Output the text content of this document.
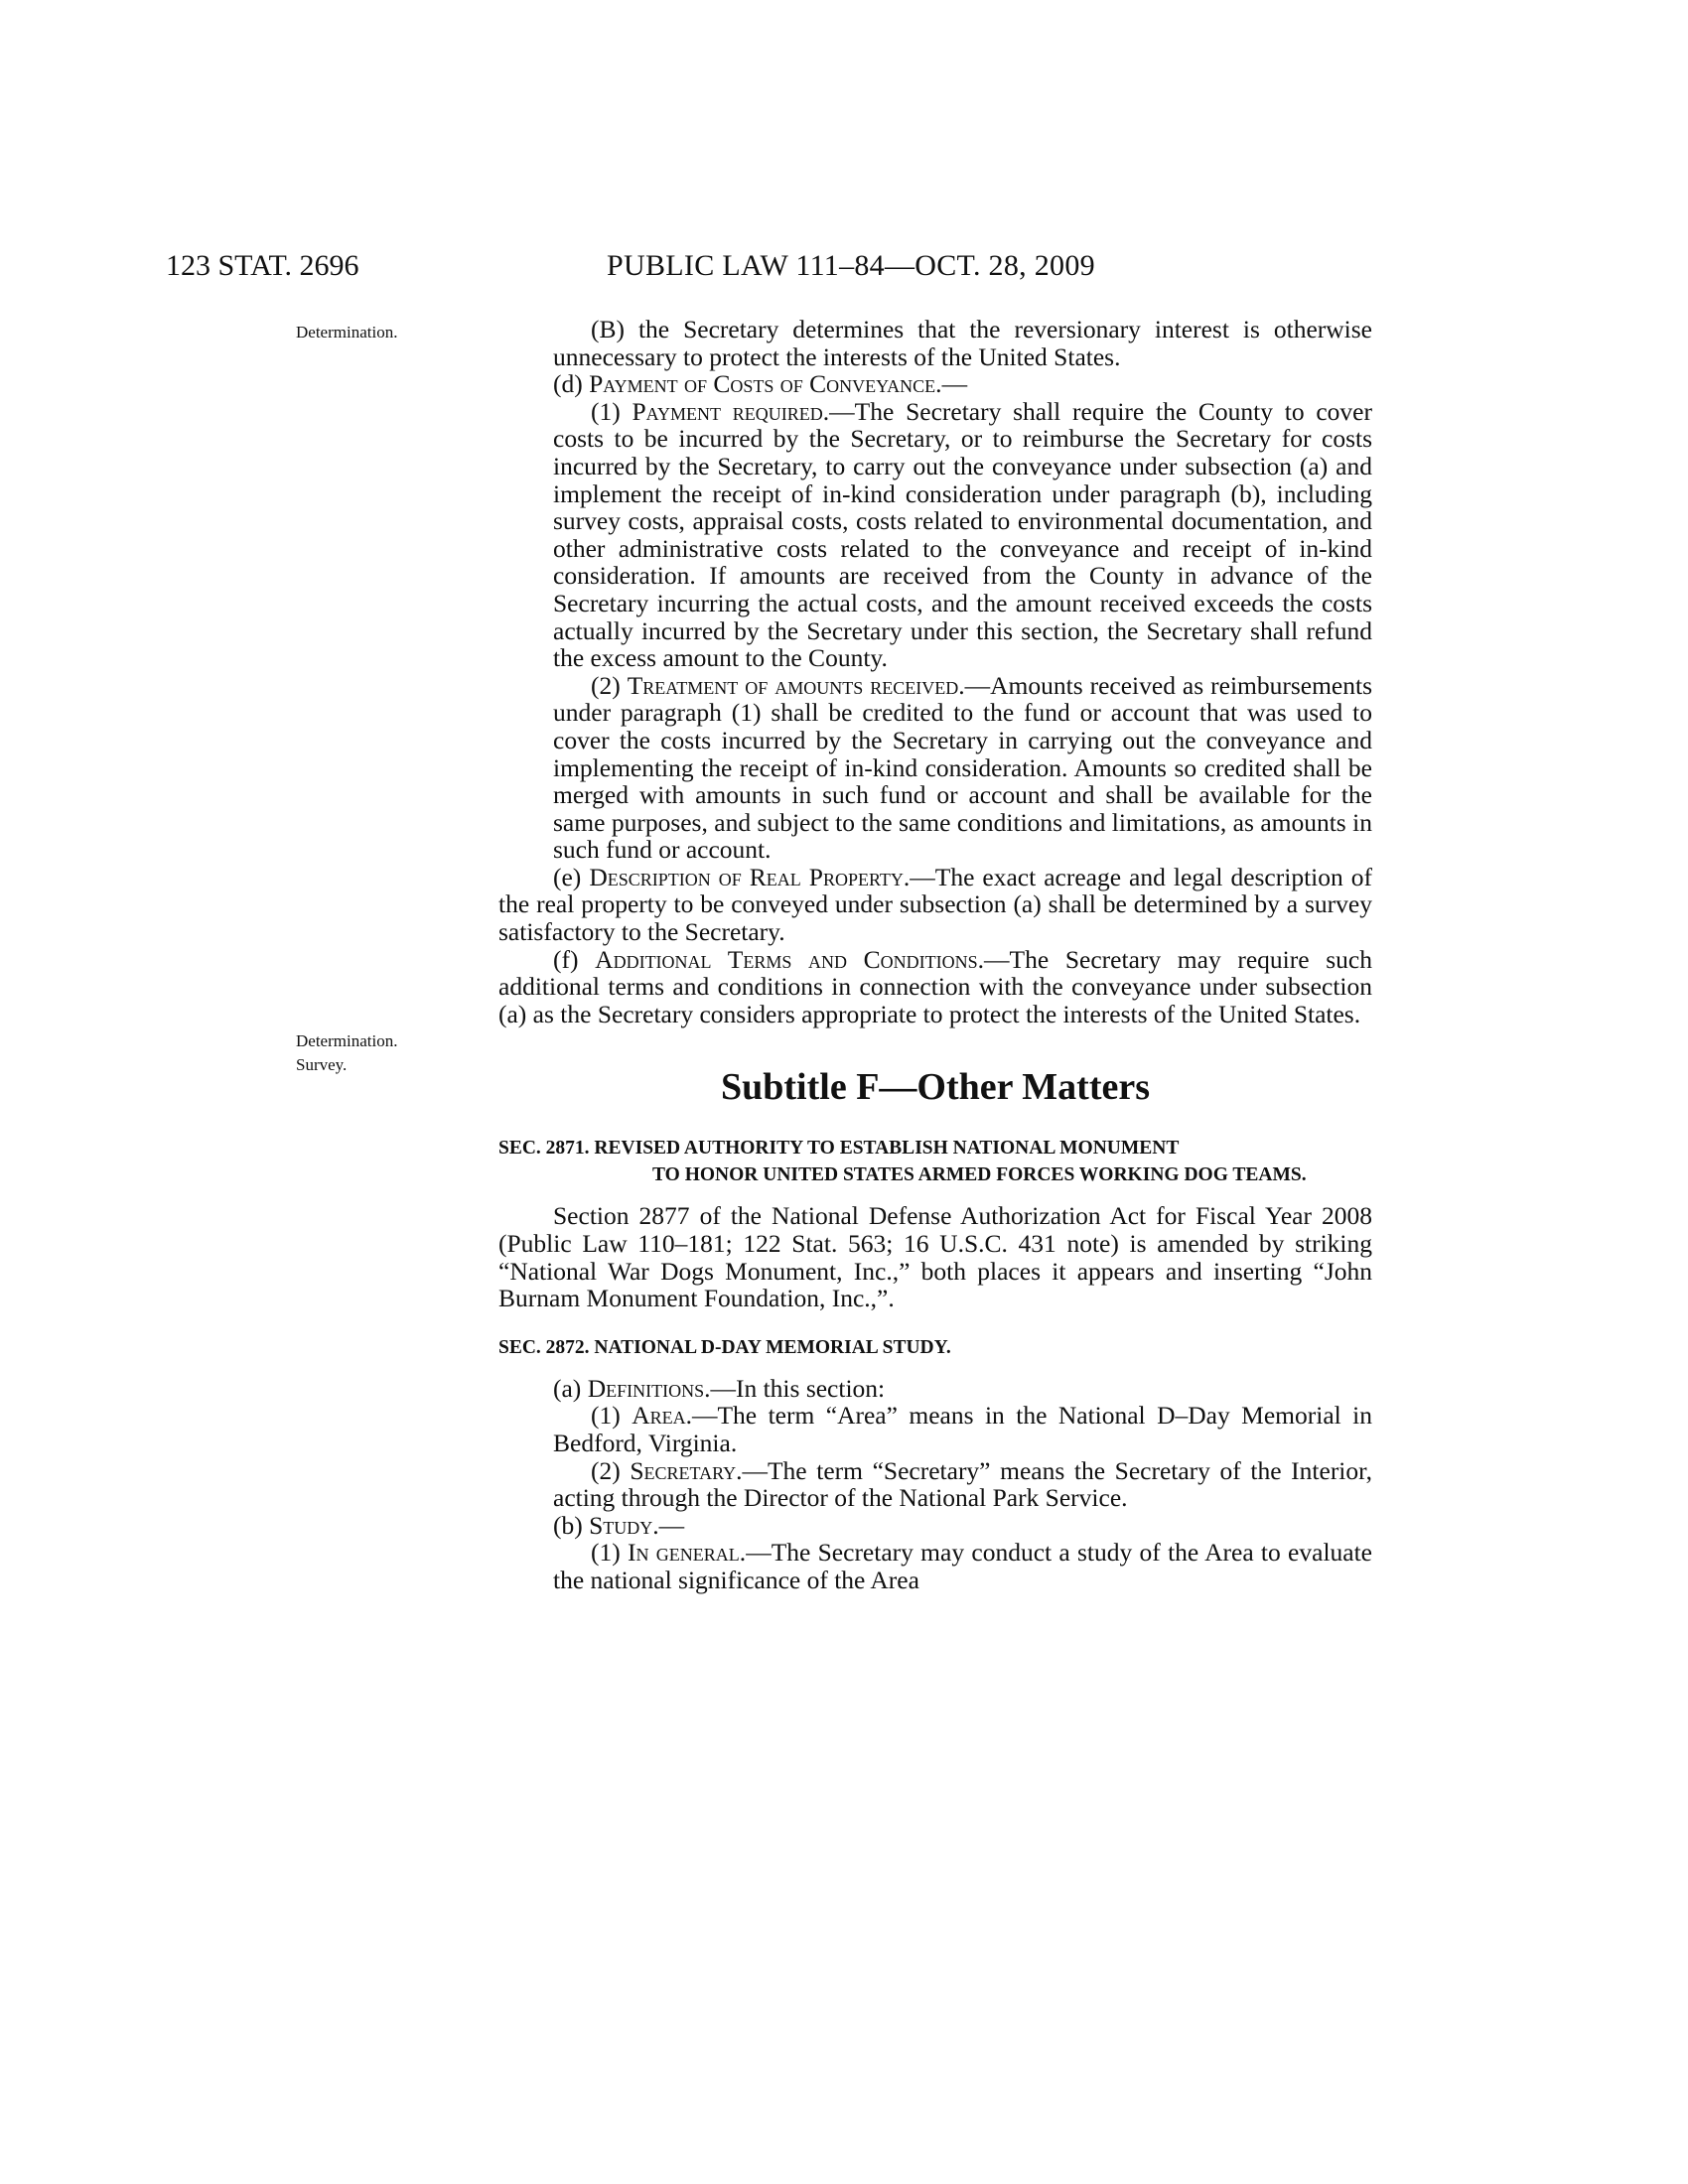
123 STAT. 2696	PUBLIC LAW 111–84—OCT. 28, 2009
Determination.
Determination.
Survey.

(B) the Secretary determines that the reversionary interest is otherwise unnecessary to protect the interests of the United States.

(d) Payment of Costs of Conveyance.—

(1) Payment required.—The Secretary shall require the County to cover costs to be incurred by the Secretary, or to reimburse the Secretary for costs incurred by the Secretary, to carry out the conveyance under subsection (a) and implement the receipt of in-kind consideration under paragraph (b), including survey costs, appraisal costs, costs related to environmental documentation, and other administrative costs related to the conveyance and receipt of in-kind consideration. If amounts are received from the County in advance of the Secretary incurring the actual costs, and the amount received exceeds the costs actually incurred by the Secretary under this section, the Secretary shall refund the excess amount to the County.

(2) Treatment of amounts received.—Amounts received as reimbursements under paragraph (1) shall be credited to the fund or account that was used to cover the costs incurred by the Secretary in carrying out the conveyance and implementing the receipt of in-kind consideration. Amounts so credited shall be merged with amounts in such fund or account and shall be available for the same purposes, and subject to the same conditions and limitations, as amounts in such fund or account.

(e) Description of Real Property.—The exact acreage and legal description of the real property to be conveyed under subsection (a) shall be determined by a survey satisfactory to the Secretary.

(f) Additional Terms and Conditions.—The Secretary may require such additional terms and conditions in connection with the conveyance under subsection (a) as the Secretary considers appropriate to protect the interests of the United States.

Subtitle F—Other Matters

SEC. 2871. REVISED AUTHORITY TO ESTABLISH NATIONAL MONUMENT
TO HONOR UNITED STATES ARMED FORCES WORKING DOG TEAMS.

Section 2877 of the National Defense Authorization Act for Fiscal Year 2008 (Public Law 110–181; 122 Stat. 563; 16 U.S.C. 431 note) is amended by striking “National War Dogs Monument, Inc.,” both places it appears and inserting “John Burnam Monument Foundation, Inc.,”.

SEC. 2872. NATIONAL D-DAY MEMORIAL STUDY.

(a) Definitions.—In this section:

(1) Area.—The term “Area” means in the National D–Day Memorial in Bedford, Virginia.

(2) Secretary.—The term “Secretary” means the Secretary of the Interior, acting through the Director of the National Park Service.

(b) Study.—

(1) In general.—The Secretary may conduct a study of the Area to evaluate the national significance of the Area
